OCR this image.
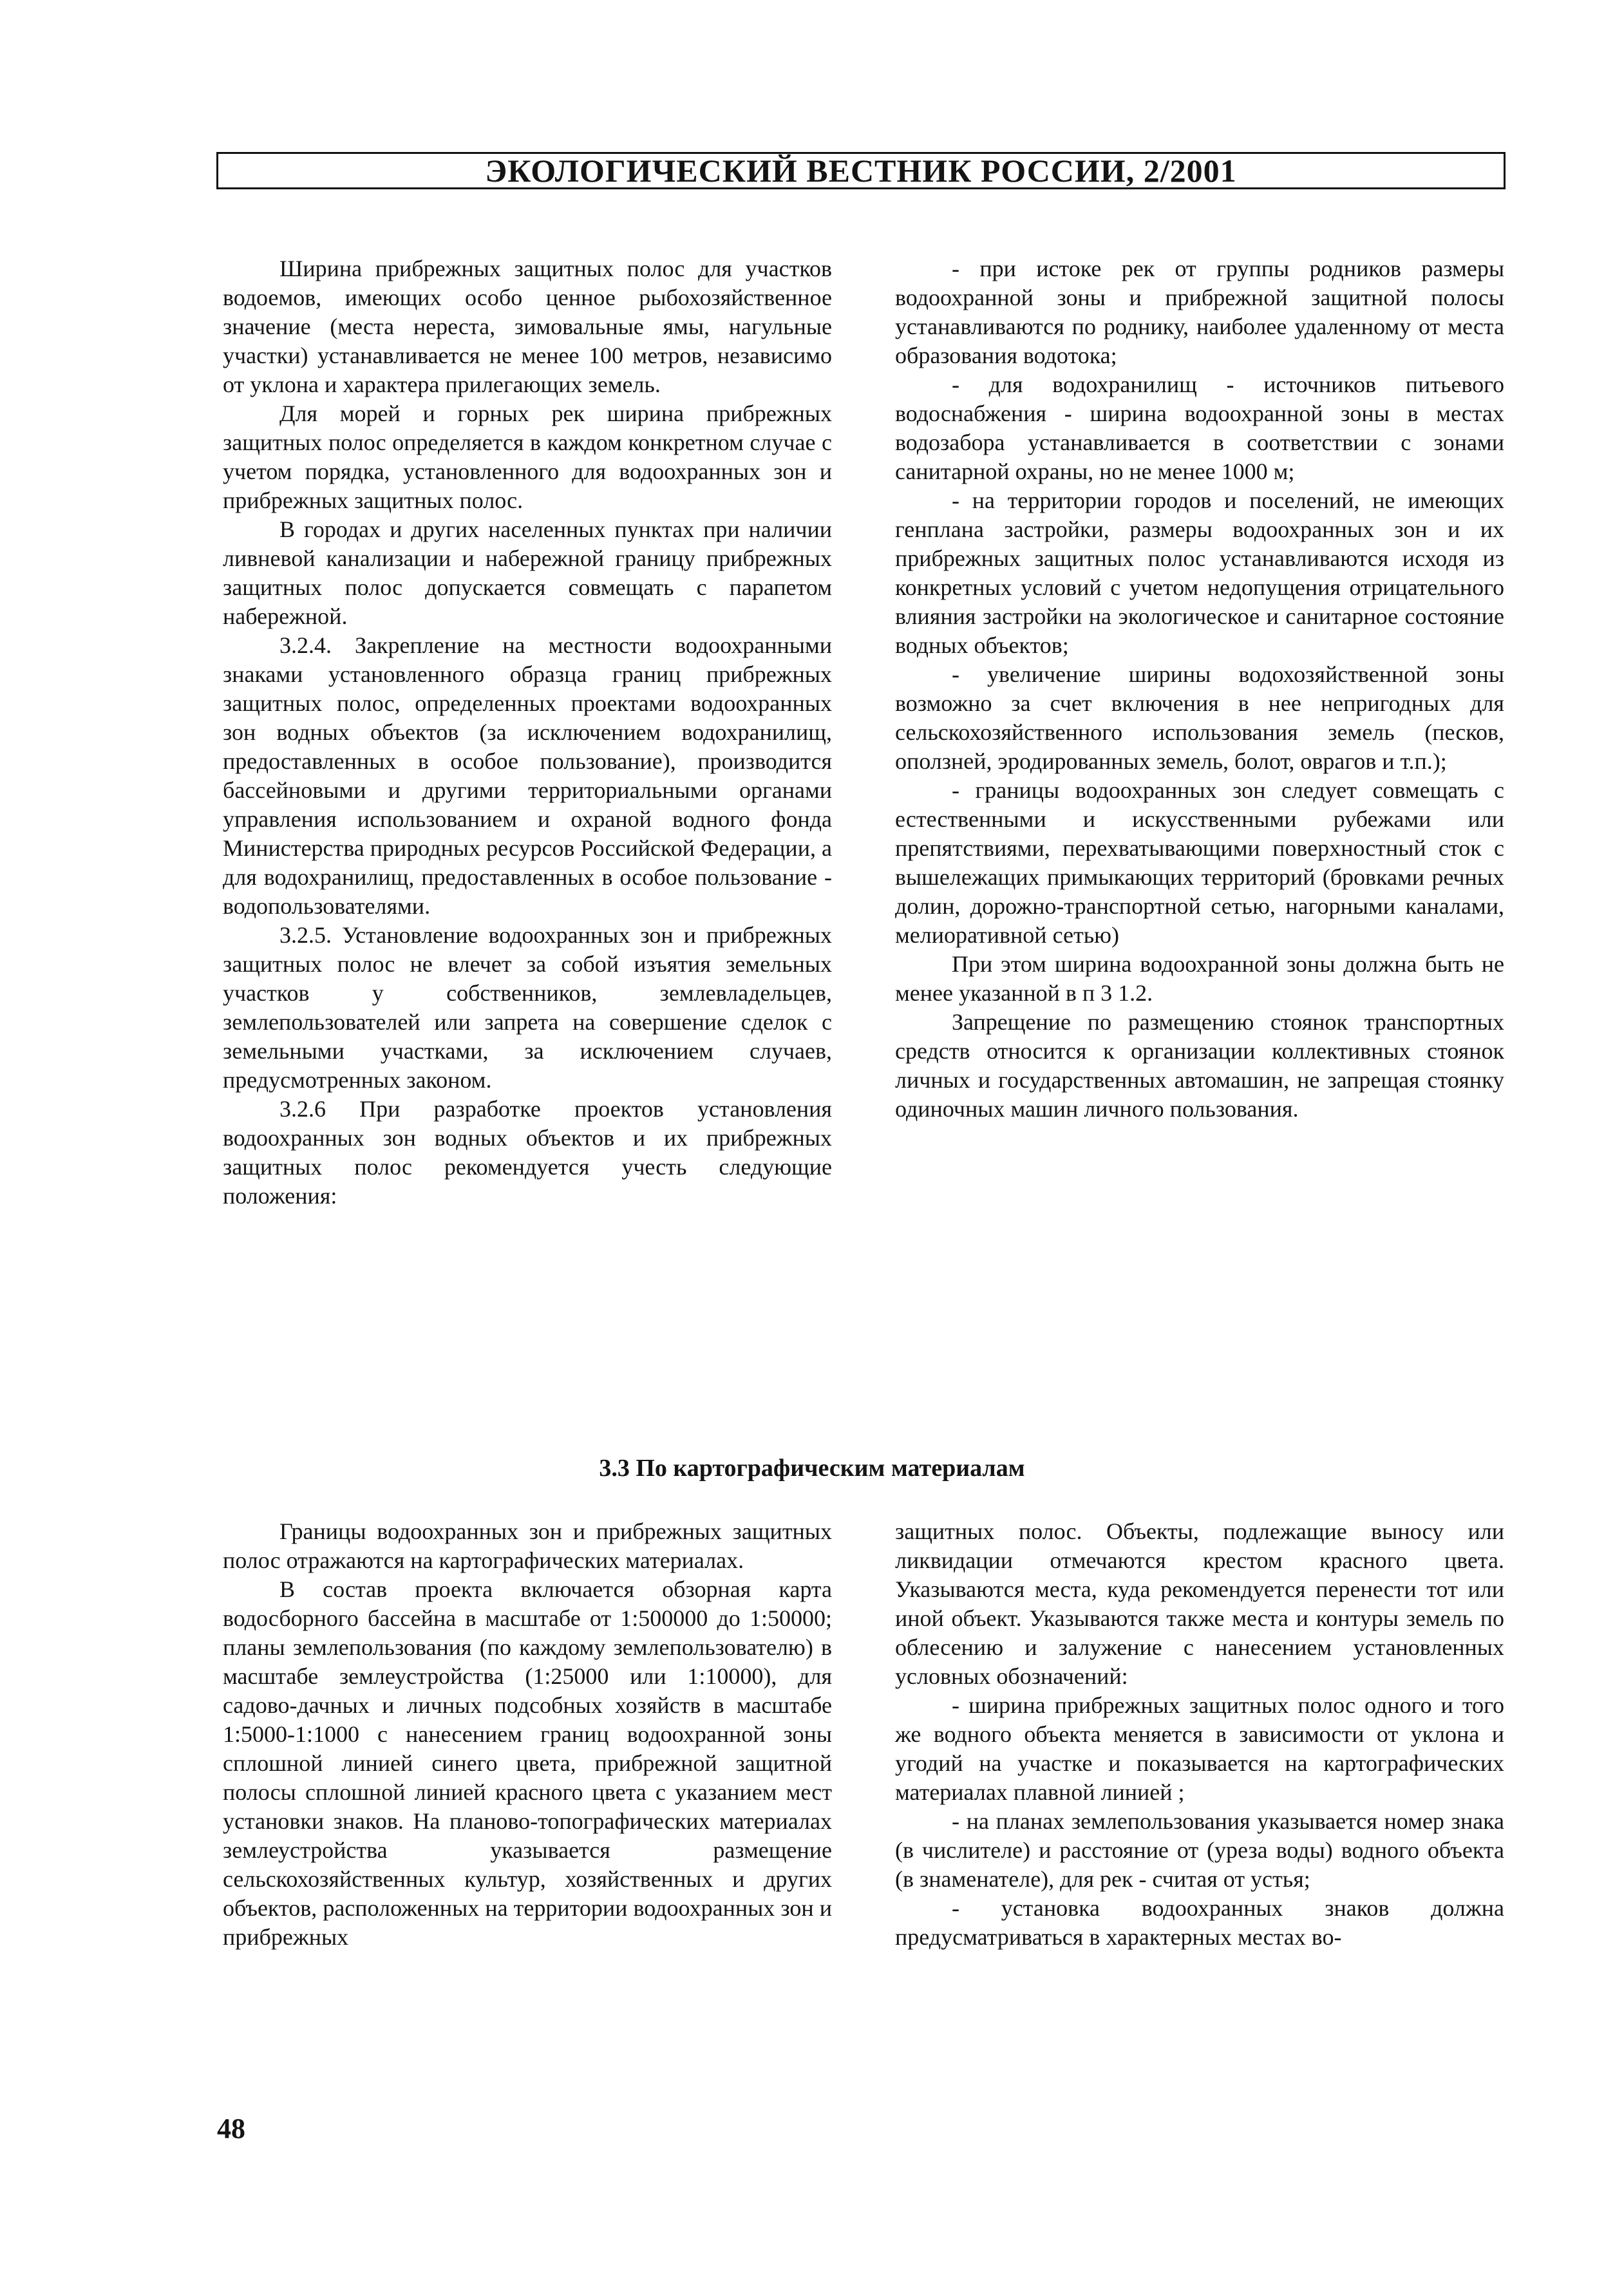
ЭКОЛОГИЧЕСКИЙ ВЕСТНИК РОССИИ, 2/2001

Ширина прибрежных защитных полос для участков водоемов, имеющих особо ценное рыбохозяйственное значение (места нереста, зимовальные ямы, нагульные участки) устанавливается не менее 100 метров, независимо от уклона и характера прилегающих земель.

Для морей и горных рек ширина прибрежных защитных полос определяется в каждом конкретном случае с учетом порядка, установленного для водоохранных зон и прибрежных защитных полос.

В городах и других населенных пунктах при наличии ливневой канализации и набережной границу прибрежных защитных полос допускается совмещать с парапетом набережной.

3.2.4. Закрепление на местности водоохранными знаками установленного образца границ прибрежных защитных полос, определенных проектами водоохранных зон водных объектов (за исключением водохранилищ, предоставленных в особое пользование), производится бассейновыми и другими территориальными органами управления использованием и охраной водного фонда Министерства природных ресурсов Российской Федерации, а для водохранилищ, предоставленных в особое пользование - водопользователями.

3.2.5. Установление водоохранных зон и прибрежных защитных полос не влечет за собой изъятия земельных участков у собственников, землевладельцев, землепользователей или запрета на совершение сделок с земельными участками, за исключением случаев, предусмотренных законом.

3.2.6 При разработке проектов установления водоохранных зон водных объектов и их прибрежных защитных полос рекомендуется учесть следующие положения:

- при истоке рек от группы родников размеры водоохранной зоны и прибрежной защитной полосы устанавливаются по роднику, наиболее удаленному от места образования водотока;

- для водохранилищ - источников питьевого водоснабжения - ширина водоохранной зоны в местах водозабора устанавливается в соответствии с зонами санитарной охраны, но не менее 1000 м;

- на территории городов и поселений, не имеющих генплана застройки, размеры водоохранных зон и их прибрежных защитных полос устанавливаются исходя из конкретных условий с учетом недопущения отрицательного влияния застройки на экологическое и санитарное состояние водных объектов;

- увеличение ширины водохозяйственной зоны возможно за счет включения в нее непригодных для сельскохозяйственного использования земель (песков, оползней, эродированных земель, болот, оврагов и т.п.);

- границы водоохранных зон следует совмещать с естественными и искусственными рубежами или препятствиями, перехватывающими поверхностный сток с вышележащих примыкающих территорий (бровками речных долин, дорожно-транспортной сетью, нагорными каналами, мелиоративной сетью)

При этом ширина водоохранной зоны должна быть не менее указанной в п 3 1.2.

Запрещение по размещению стоянок транспортных средств относится к организации коллективных стоянок личных и государственных автомашин, не запрещая стоянку одиночных машин личного пользования.

3.3 По картографическим материалам

Границы водоохранных зон и прибрежных защитных полос отражаются на картографических материалах.

В состав проекта включается обзорная карта водосборного бассейна в масштабе от 1:500000 до 1:50000; планы землепользования (по каждому землепользователю) в масштабе землеустройства (1:25000 или 1:10000), для садово-дачных и личных подсобных хозяйств в масштабе 1:5000-1:1000 с нанесением границ водоохранной зоны сплошной линией синего цвета, прибрежной защитной полосы сплошной линией красного цвета с указанием мест установки знаков. На планово-топографических материалах землеустройства указывается размещение сельскохозяйственных культур, хозяйственных и других объектов, расположенных на территории водоохранных зон и прибрежных

защитных полос. Объекты, подлежащие выносу или ликвидации отмечаются крестом красного цвета. Указываются места, куда рекомендуется перенести тот или иной объект. Указываются также места и контуры земель по облесению и залужение с нанесением установленных условных обозначений:

- ширина прибрежных защитных полос одного и того же водного объекта меняется в зависимости от уклона и угодий на участке и показывается на картографических материалах плавной линией ;

- на планах землепользования указывается номер знака (в числителе) и расстояние от (уреза воды) водного объекта (в знаменателе), для рек - считая от устья;

- установка водоохранных знаков должна предусматриваться в характерных местах во-

48
